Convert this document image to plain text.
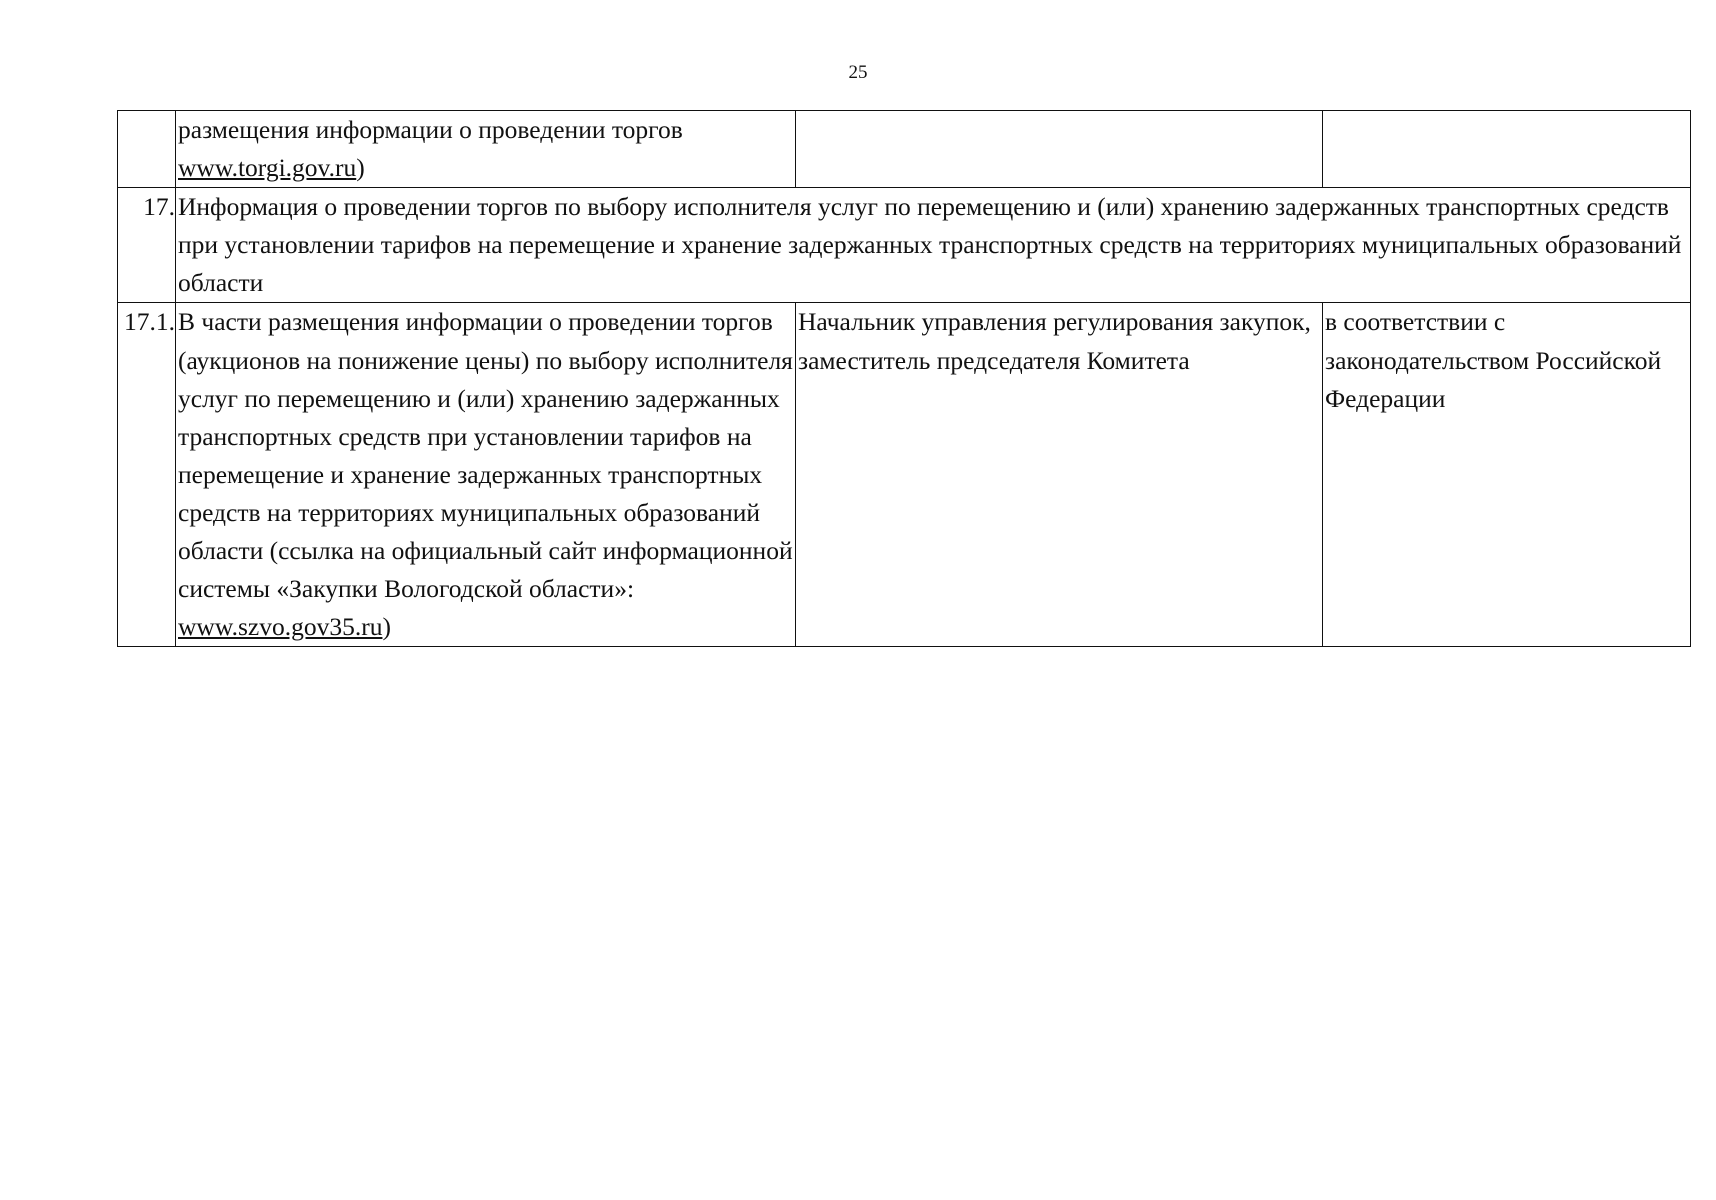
25
	размещения информации о проведении торгов
www.torgi.gov.ru)		
17.	Информация о проведении торгов по выбору исполнителя услуг по перемещению и (или) хранению задержанных транспортных средств при установлении тарифов на перемещение и хранение задержанных транспортных средств на территориях муниципальных образований области		
17.1.	В части размещения информации о проведении торгов (аукционов на понижение цены) по выбору исполнителя услуг по перемещению и (или) хранению задержанных транспортных средств при установлении тарифов на перемещение и хранение задержанных транспортных средств на территориях муниципальных образований области (ссылка на официальный сайт информационной системы «Закупки Вологодской области»: www.szvo.gov35.ru)	Начальник управления регулирования закупок, заместитель председателя Комитета	в соответствии с законодательством Российской Федерации
